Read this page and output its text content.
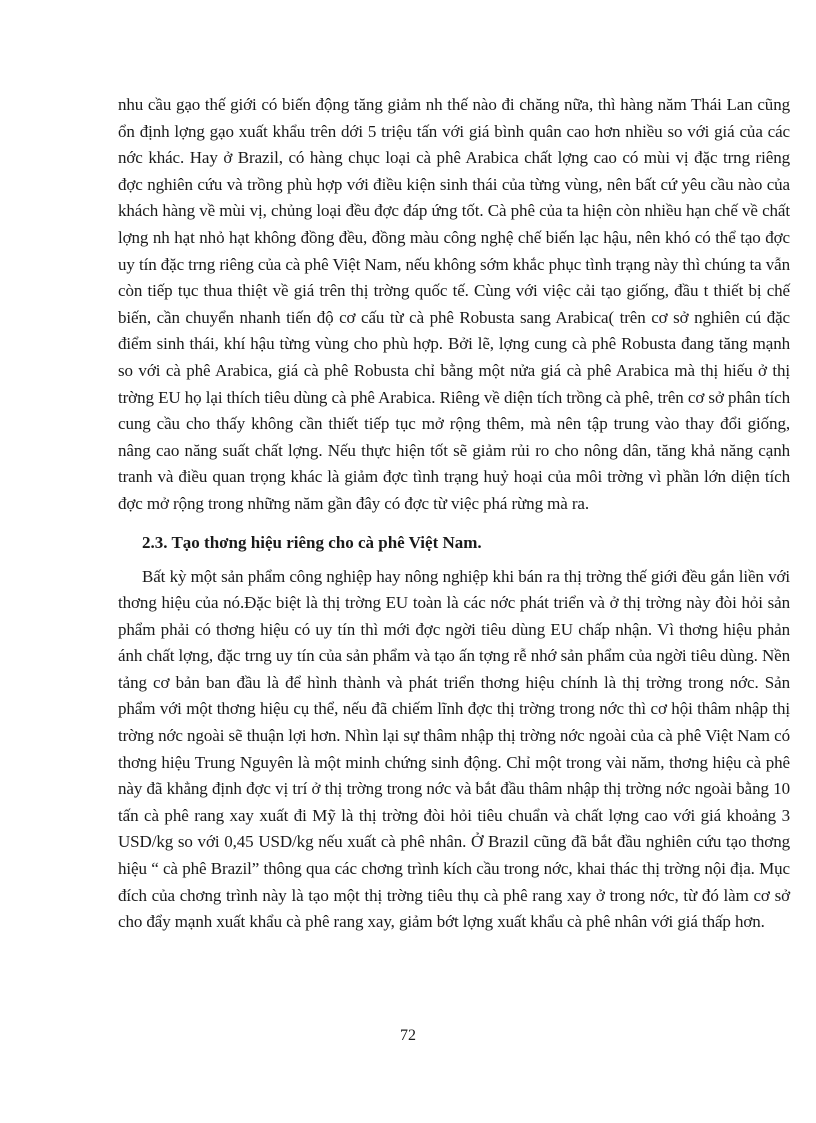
nhu cầu gạo thế giới có biến động tăng giảm nh thế nào đi chăng nữa, thì hàng năm Thái Lan cũng ổn định lợng gạo xuất khẩu trên dới 5 triệu tấn với giá bình quân cao hơn nhiều so với giá của các nớc khác. Hay ở Brazil, có hàng chục loại cà phê Arabica chất lợng cao có mùi vị đặc trng riêng đợc nghiên cứu và trồng phù hợp với điều kiện sinh thái của từng vùng, nên bất cứ yêu cầu nào của khách hàng về mùi vị, chủng loại đều đợc đáp ứng tốt. Cà phê của ta hiện còn nhiều hạn chế về chất lợng nh hạt nhỏ hạt không đồng đều, đồng màu công nghệ chế biến lạc hậu, nên khó có thể tạo đợc uy tín đặc trng riêng của cà phê Việt Nam, nếu không sớm khắc phục tình trạng này thì chúng ta vẫn còn tiếp tục thua thiệt về giá trên thị trờng quốc tế. Cùng với việc cải tạo giống, đầu t thiết bị chế biến, cần chuyển nhanh tiến độ cơ cấu từ cà phê Robusta sang Arabica( trên cơ sở nghiên cú đặc điểm sinh thái, khí hậu từng vùng cho phù hợp. Bởi lẽ, lợng cung cà phê Robusta đang tăng mạnh so với cà phê Arabica, giá cà phê Robusta chỉ bằng một nửa giá cà phê Arabica mà thị hiếu ở thị trờng EU họ lại thích tiêu dùng cà phê Arabica. Riêng về diện tích trồng cà phê, trên cơ sở phân tích cung cầu cho thấy không cần thiết tiếp tục mở rộng thêm, mà nên tập trung vào thay đổi giống, nâng cao năng suất chất lợng. Nếu thực hiện tốt sẽ giảm rủi ro cho nông dân, tăng khả năng cạnh tranh và điều quan trọng khác là giảm đợc tình trạng huỷ hoại của môi trờng vì phần lớn diện tích đợc mở rộng trong những năm gần đây có đợc từ việc phá rừng mà ra.

2.3. Tạo thơng hiệu riêng cho cà phê Việt Nam.

Bất kỳ một sản phẩm công nghiệp hay nông nghiệp khi bán ra thị trờng thế giới đều gắn liền với thơng hiệu của nó.Đặc biệt là thị trờng EU toàn là các nớc phát triển và ở thị trờng này đòi hỏi sản phẩm phải có thơng hiệu có uy tín thì mới đợc ngời tiêu dùng EU chấp nhận. Vì thơng hiệu phản ánh chất lợng, đặc trng uy tín của sản phẩm và tạo ấn tợng rễ nhớ sản phẩm của ngời tiêu dùng. Nền tảng cơ bản ban đầu là để hình thành và phát triển thơng hiệu chính là thị trờng trong nớc. Sản phẩm với một thơng hiệu cụ thể, nếu đã chiếm lĩnh đợc thị trờng trong nớc thì cơ hội thâm nhập thị trờng nớc ngoài sẽ thuận lợi hơn. Nhìn lại sự thâm nhập thị trờng nớc ngoài của cà phê Việt Nam có thơng hiệu Trung Nguyên là một minh chứng sinh động. Chỉ một trong vài năm, thơng hiệu cà phê này đã khẳng định đợc vị trí ở thị trờng trong nớc và bắt đầu thâm nhập thị trờng nớc ngoài bằng 10 tấn cà phê rang xay xuất đi Mỹ là thị trờng đòi hỏi tiêu chuẩn và chất lợng cao với giá khoảng 3 USD/kg so với 0,45 USD/kg nếu xuất cà phê nhân. Ở Brazil cũng đã bắt đầu nghiên cứu tạo thơng hiệu “ cà phê Brazil” thông qua các chơng trình kích cầu trong nớc, khai thác thị trờng nội địa. Mục đích của chơng trình này là tạo một thị trờng tiêu thụ cà phê rang xay ở trong nớc, từ đó làm cơ sở cho đẩy mạnh xuất khẩu cà phê rang xay, giảm bớt lợng xuất khẩu cà phê nhân với giá thấp hơn.

72
